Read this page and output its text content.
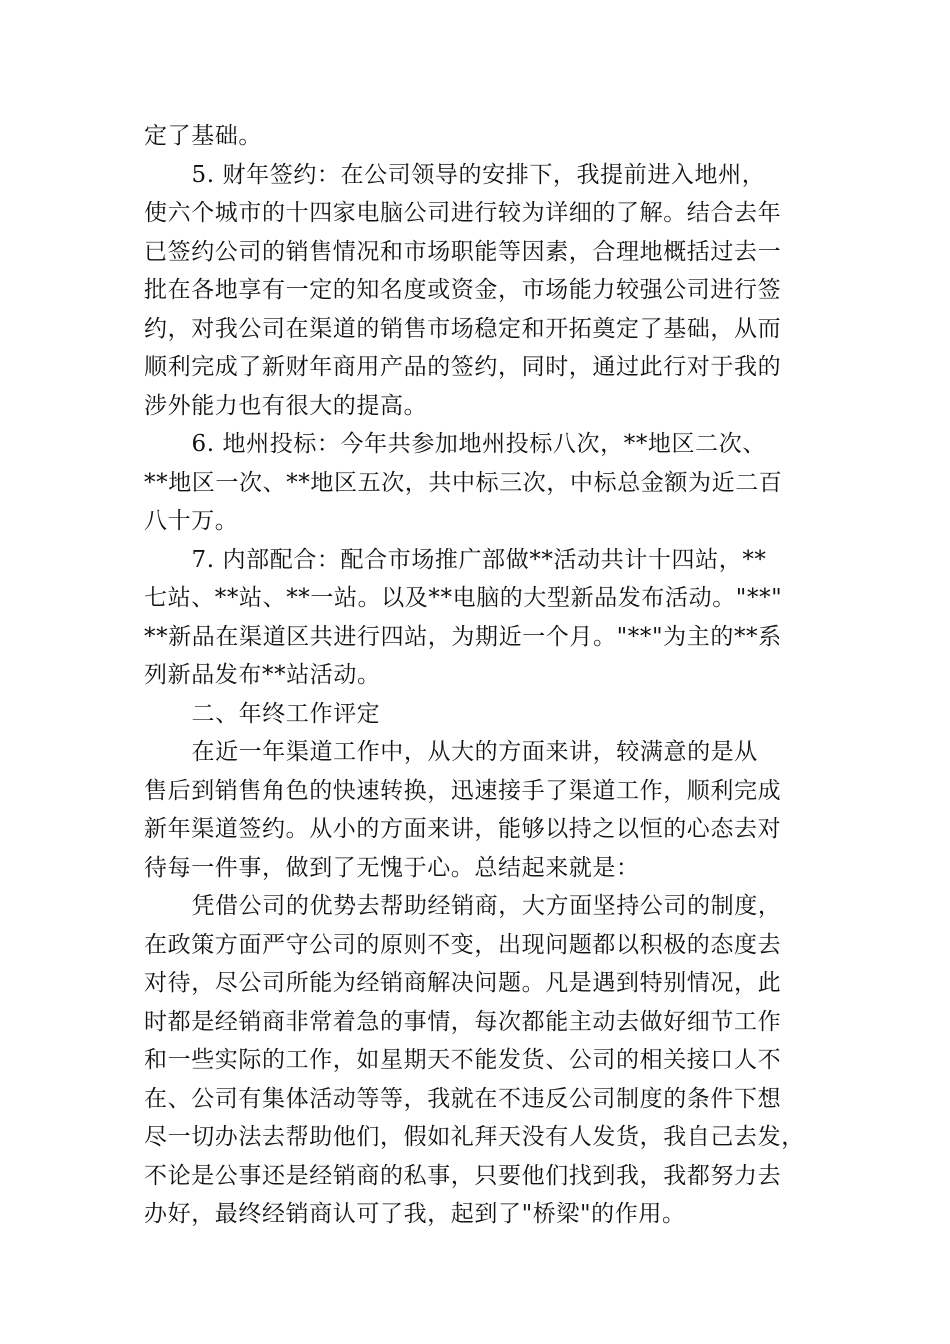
定了基础。
5. 财年签约：在公司领导的安排下，我提前进入地州，
使六个城市的十四家电脑公司进行较为详细的了解。结合去年
已签约公司的销售情况和市场职能等因素，合理地概括过去一
批在各地享有一定的知名度或资金，市场能力较强公司进行签
约，对我公司在渠道的销售市场稳定和开拓奠定了基础，从而
顺利完成了新财年商用产品的签约，同时，通过此行对于我的
涉外能力也有很大的提高。
6. 地州投标：今年共参加地州投标八次，**地区二次、
**地区一次、**地区五次，共中标三次，中标总金额为近二百
八十万。
7. 内部配合：配合市场推广部做**活动共计十四站，**
七站、**站、**一站。以及**电脑的大型新品发布活动。"**"
**新品在渠道区共进行四站，为期近一个月。"**"为主的**系
列新品发布**站活动。
二、年终工作评定
在近一年渠道工作中，从大的方面来讲，较满意的是从
售后到销售角色的快速转换，迅速接手了渠道工作，顺利完成
新年渠道签约。从小的方面来讲，能够以持之以恒的心态去对
待每一件事，做到了无愧于心。总结起来就是：
凭借公司的优势去帮助经销商，大方面坚持公司的制度，
在政策方面严守公司的原则不变，出现问题都以积极的态度去
对待，尽公司所能为经销商解决问题。凡是遇到特别情况，此
时都是经销商非常着急的事情，每次都能主动去做好细节工作
和一些实际的工作，如星期天不能发货、公司的相关接口人不
在、公司有集体活动等等，我就在不违反公司制度的条件下想
尽一切办法去帮助他们，假如礼拜天没有人发货，我自己去发，
不论是公事还是经销商的私事，只要他们找到我，我都努力去
办好，最终经销商认可了我，起到了"桥梁"的作用。
